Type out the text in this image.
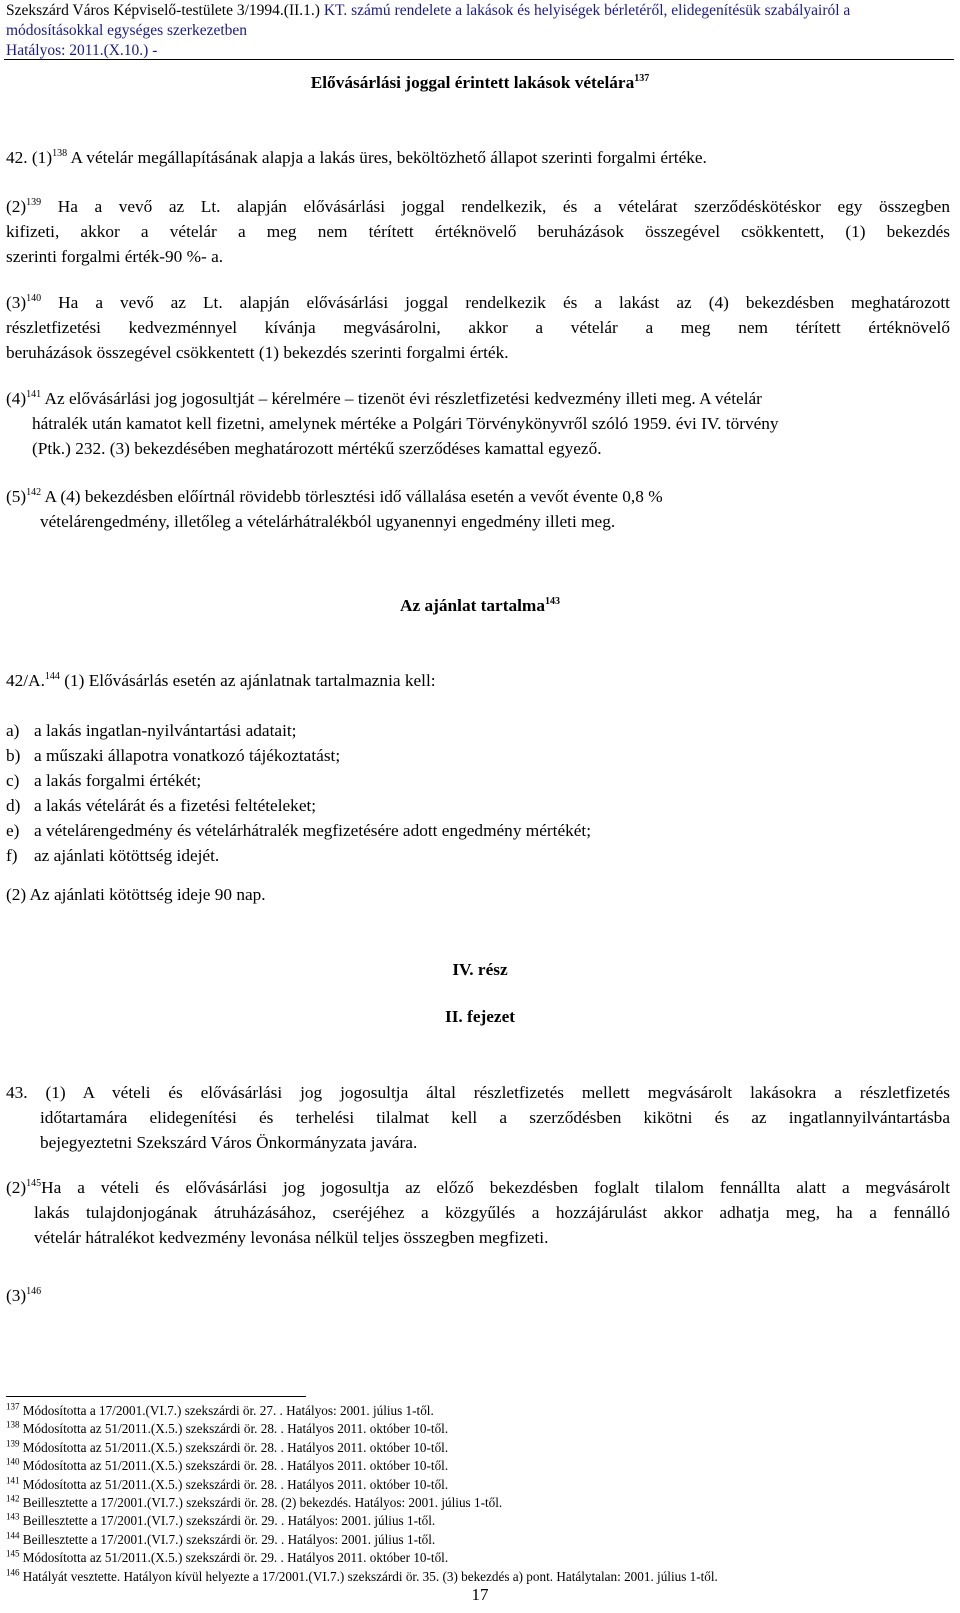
Szekszárd Város Képviselő-testülete 3/1994.(II.1.) KT. számú rendelete a lakások és helyiségek bérletéről, elidegenítésük szabályairól a
módosításokkal egységes szerkezetben
Hatályos: 2011.(X.10.) -
Elővásárlási joggal érintett lakások vételára$^{137}$
42. $(1)^{138}$ A vételár megállapításának alapja a lakás üres, beköltözhető állapot szerinti forgalmi értéke.
$(2)^{139}$ Ha a vevő az Lt. alapján elővásárlási joggal rendelkezik, és a vételárat szerződéskötéskor egy összegben
kifizeti, akkor a vételár a meg nem térített értéknövelő beruházások összegével csökkentett, (1) bekezdés
szerinti forgalmi érték-90 %- a.
$(3)^{140}$ Ha a vevő az Lt. alapján elővásárlási joggal rendelkezik és a lakást az (4) bekezdésben meghatározott
részletfizetési kedvezménnyel kívánja megvásárolni, akkor a vételár a meg nem térített értéknövelő
beruházások összegével csökkentett (1) bekezdés szerinti forgalmi érték.
$(4)^{141}$ Az elővásárlási jog jogosultját – kérelmére – tizenöt évi részletfizetési kedvezmény illeti meg. A vételár
hátralék után kamatot kell fizetni, amelynek mértéke a Polgári Törvénykönyvről szóló 1959. évi IV. törvény
(Ptk.) 232. (3) bekezdésében meghatározott mértékű szerződéses kamattal egyező.
$(5)^{142}$ A (4) bekezdésben előírtnál rövidebb törlesztési idő vállalása esetén a vevőt évente 0,8 %
vételárengedmény, illetőleg a vételárhátralékból ugyanennyi engedmény illeti meg.
Az ajánlat tartalma$^{143}$
42/A.$^{144}$ (1) Elővásárlás esetén az ajánlatnak tartalmaznia kell:
a) a lakás ingatlan-nyilvántartási adatait;
b) a műszaki állapotra vonatkozó tájékoztatást;
c) a lakás forgalmi értékét;
d) a lakás vételárát és a fizetési feltételeket;
e) a vételárengedmény és vételárhátralék megfizetésére adott engedmény mértékét;
f) az ajánlati kötöttség idejét.
(2) Az ajánlati kötöttség ideje 90 nap.
IV. rész
II. fejezet
43. (1) A vételi és elővásárlási jog jogosultja által részletfizetés mellett megvásárolt lakásokra a részletfizetés
időtartamára elidegenítési és terhelési tilalmat kell a szerződésben kikötni és az ingatlannyilvántartásba
bejegyeztetni Szekszárd Város Önkormányzata javára.
$(2)^{145}Ha$ a vételi és elővásárlási jog jogosultja az előző bekezdésben foglalt tilalom fennállta alatt a megvásárolt
lakás tulajdonjogának átruházásához, cseréjéhez a közgyűlés a hozzájárulást akkor adhatja meg, ha a fennálló
vételár hátralékot kedvezmény levonása nélkül teljes összegben megfizeti.
$(3)^{146}$
$^{137}$ Módosította a 17/2001.(VI.7.) szekszárdi ör. 27. . Hatályos: 2001. július 1-től.
$^{138}$ Módosította az 51/2011.(X.5.) szekszárdi ör. 28. . Hatályos 2011. október 10-től.
$^{139}$ Módosította az 51/2011.(X.5.) szekszárdi ör. 28. . Hatályos 2011. október 10-től.
$^{140}$ Módosította az 51/2011.(X.5.) szekszárdi ör. 28. . Hatályos 2011. október 10-től.
$^{141}$ Módosította az 51/2011.(X.5.) szekszárdi ör. 28. . Hatályos 2011. október 10-től.
$^{142}$ Beillesztette a 17/2001.(VI.7.) szekszárdi ör. 28. (2) bekezdés. Hatályos: 2001. július 1-től.
$^{143}$ Beillesztette a 17/2001.(VI.7.) szekszárdi ör. 29. . Hatályos: 2001. július 1-től.
$^{144}$ Beillesztette a 17/2001.(VI.7.) szekszárdi ör. 29. . Hatályos: 2001. július 1-től.
$^{145}$ Módosította az 51/2011.(X.5.) szekszárdi ör. 29. . Hatályos 2011. október 10-től.
$^{146}$ Hatályát vesztette. Hatályon kívül helyezte a 17/2001.(VI.7.) szekszárdi ör. 35. (3) bekezdés a) pont. Hatálytalan: 2001. július 1-től.
17
